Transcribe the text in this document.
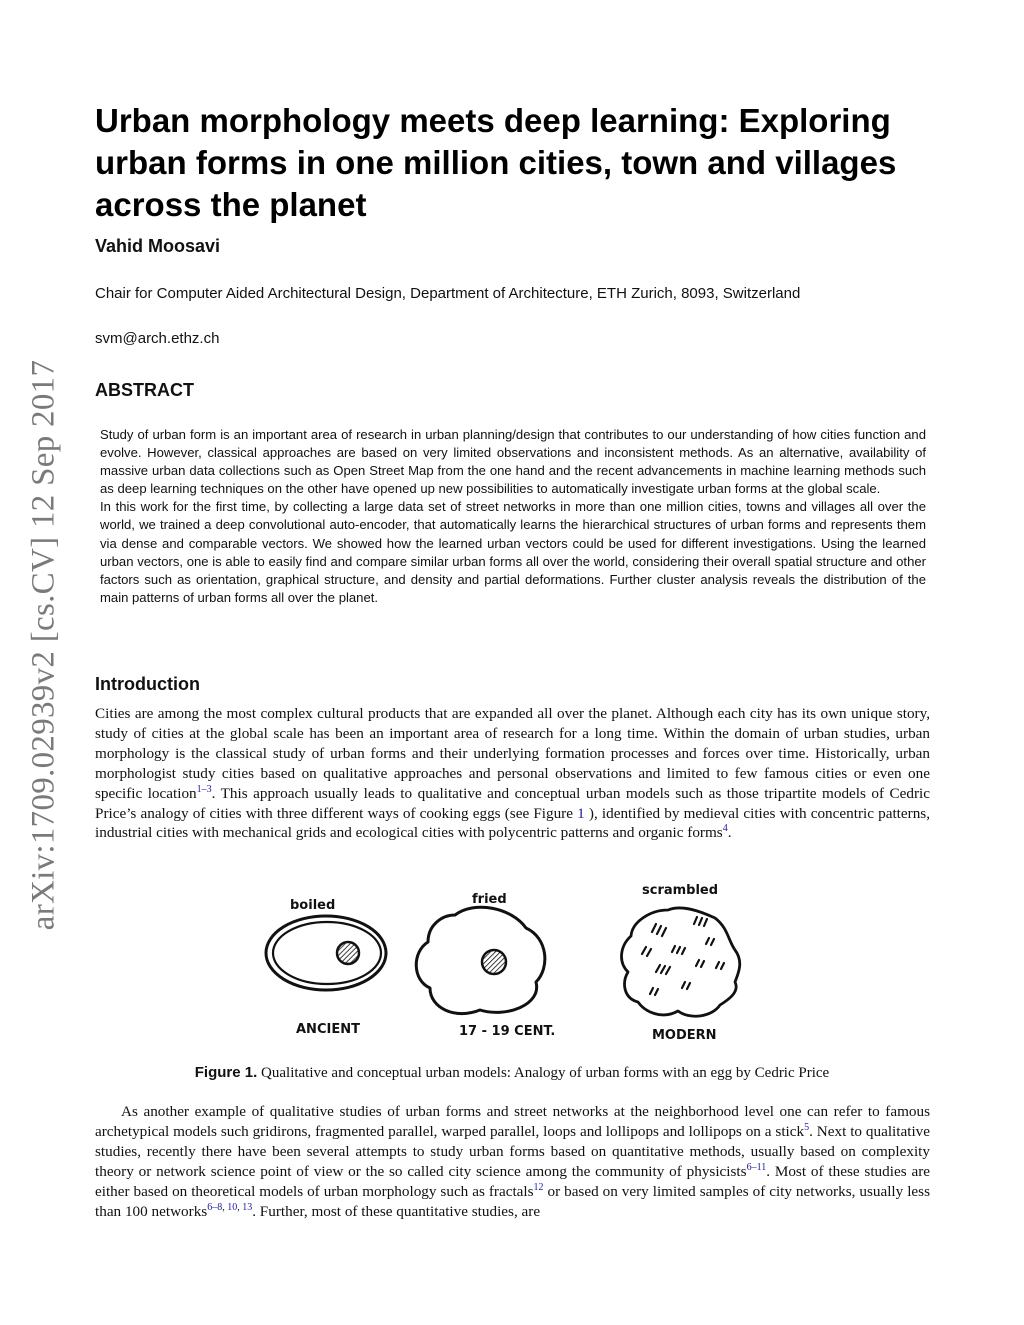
arXiv:1709.02939v2 [cs.CV] 12 Sep 2017
Urban morphology meets deep learning: Exploring urban forms in one million cities, town and villages across the planet
Vahid Moosavi
Chair for Computer Aided Architectural Design, Department of Architecture, ETH Zurich, 8093, Switzerland
svm@arch.ethz.ch
ABSTRACT

Study of urban form is an important area of research in urban planning/design that contributes to our understanding of how cities function and evolve. However, classical approaches are based on very limited observations and inconsistent methods. As an alternative, availability of massive urban data collections such as Open Street Map from the one hand and the recent advancements in machine learning methods such as deep learning techniques on the other have opened up new possibilities to automatically investigate urban forms at the global scale.

In this work for the first time, by collecting a large data set of street networks in more than one million cities, towns and villages all over the world, we trained a deep convolutional auto-encoder, that automatically learns the hierarchical structures of urban forms and represents them via dense and comparable vectors. We showed how the learned urban vectors could be used for different investigations. Using the learned urban vectors, one is able to easily find and compare similar urban forms all over the world, considering their overall spatial structure and other factors such as orientation, graphical structure, and density and partial deformations. Further cluster analysis reveals the distribution of the main patterns of urban forms all over the planet.

Introduction

Cities are among the most complex cultural products that are expanded all over the planet. Although each city has its own unique story, study of cities at the global scale has been an important area of research for a long time. Within the domain of urban studies, urban morphology is the classical study of urban forms and their underlying formation processes and forces over time. Historically, urban morphologist study cities based on qualitative approaches and personal observations and limited to few famous cities or even one specific location$^{1-3}$. This approach usually leads to qualitative and conceptual urban models such as those tripartite models of Cedric Price’s analogy of cities with three different ways of cooking eggs (see Figure 1 ), identified by medieval cities with concentric patterns, industrial cities with mechanical grids and ecological cities with polycentric patterns and organic forms$^4$.

boiled	fried
scrambled
ANCIENT	17 - 19 CENT.	MODERN
Figure 1. Qualitative and conceptual urban models: Analogy of urban forms with an egg by Cedric Price

As another example of qualitative studies of urban forms and street networks at the neighborhood level one can refer to famous archetypical models such gridirons, fragmented parallel, warped parallel, loops and lollipops and lollipops on a stick$^5$. Next to qualitative studies, recently there have been several attempts to study urban forms based on quantitative methods, usually based on complexity theory or network science point of view or the so called city science among the community of physicists$^{6-11}$. Most of these studies are either based on theoretical models of urban morphology such as fractals$^{12}$ or based on very limited samples of city networks, usually less than 100 networks$^{6-8, 10, 13}$. Further, most of these quantitative studies, are
